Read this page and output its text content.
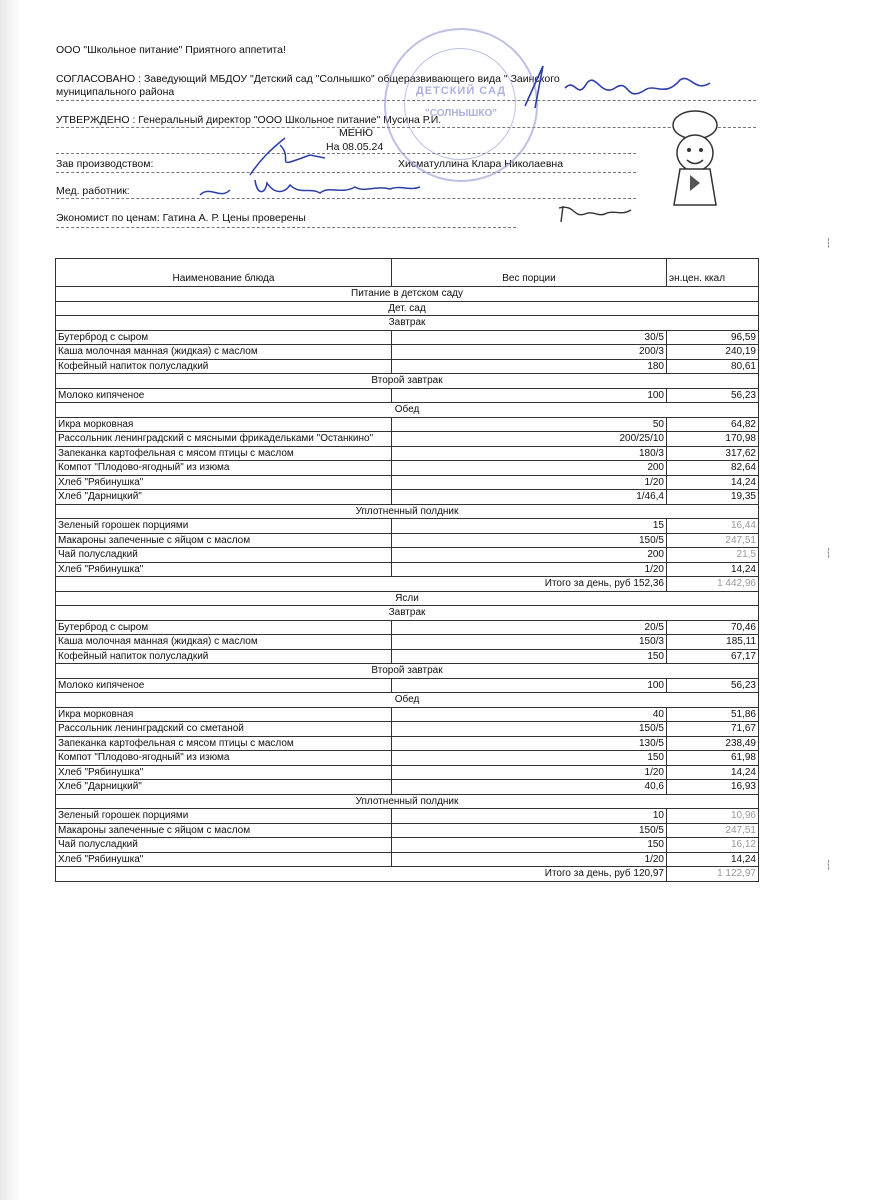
ООО "Школьное питание" Приятного аппетита!
СОГЛАСОВАНО : Заведующий МБДОУ "Детский сад "Солнышко" общеразвивающего вида " Заинского
муниципального района
УТВЕРЖДЕНО : Генеральный директор "ООО Школьное питание" Мусина Р.И.
МЕНЮ
На 08.05.24
Зав производством:	Хисматуллина Клара Николаевна
Мед. работник:
Экономист по ценам: Гатина А. Р. Цены проверены
ДЕТСКИЙ САД
"СОЛНЫШКО"
Наименование блюда	Вес порции	эн.цен. ккал
Питание в детском саду		
Дет. сад		
Завтрак		
Бутерброд с сыром	30/5	96,59
Каша молочная манная (жидкая) с маслом	200/3	240,19
Кофейный напиток полусладкий	180	80,61
Второй завтрак		
Молоко кипяченое	100	56,23
Обед		
Икра морковная	50	64,82
Рассольник ленинградский с мясными фрикадельками "Останкино"	200/25/10	170,98
Запеканка картофельная с мясом птицы с маслом	180/3	317,62
Компот "Плодово-ягодный" из изюма	200	82,64
Хлеб "Рябинушка"	1/20	14,24
Хлеб "Дарницкий"	1/46,4	19,35
Уплотненный полдник		
Зеленый горошек порциями	15	16,44
Макароны запеченные с яйцом с маслом	150/5	247,51
Чай полусладкий	200	21,5
Хлеб "Рябинушка"	1/20	14,24
Итого за день, руб 152,36		1 442,96
Ясли		
Завтрак		
Бутерброд с сыром	20/5	70,46
Каша молочная манная (жидкая) с маслом	150/3	185,11
Кофейный напиток полусладкий	150	67,17
Второй завтрак		
Молоко кипяченое	100	56,23
Обед		
Икра морковная	40	51,86
Рассольник ленинградский со сметаной	150/5	71,67
Запеканка картофельная с мясом птицы с маслом	130/5	238,49
Компот "Плодово-ягодный" из изюма	150	61,98
Хлеб "Рябинушка"	1/20	14,24
Хлеб "Дарницкий"	40,6	16,93
Уплотненный полдник		
Зеленый горошек порциями	10	10,96
Макароны запеченные с яйцом с маслом	150/5	247,51
Чай полусладкий	150	16,12
Хлеб "Рябинушка"	1/20	14,24
Итого за день, руб 120,97		1 122,97
┆
┆
┆
